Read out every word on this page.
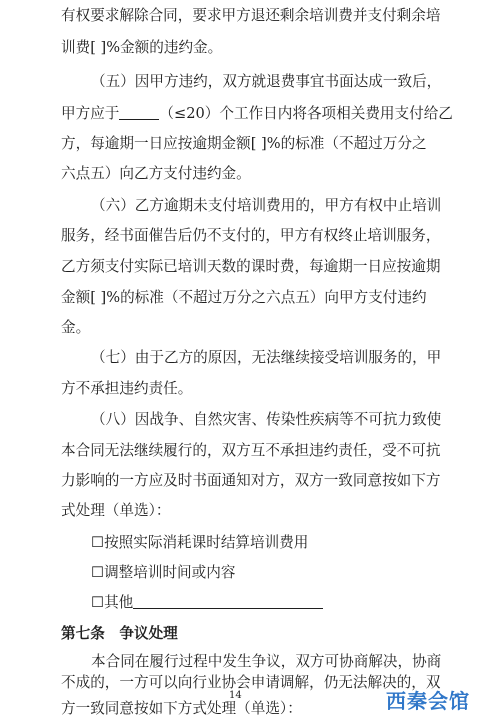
有权要求解除合同，要求甲方退还剩余培训费并支付剩余培
训费[ ]%金额的违约金。
（五）因甲方违约，双方就退费事宜书面达成一致后，
甲方应于	（≤20）个工作日内将各项相关费用支付给乙
方，每逾期一日应按逾期金额[ ]%的标准（不超过万分之
六点五）向乙方支付违约金。
（六）乙方逾期未支付培训费用的，甲方有权中止培训
服务，经书面催告后仍不支付的，甲方有权终止培训服务，
乙方须支付实际已培训天数的课时费，每逾期一日应按逾期
金额[ ]%的标准（不超过万分之六点五）向甲方支付违约
金。
（七）由于乙方的原因，无法继续接受培训服务的，甲
方不承担违约责任。
（八）因战争、自然灾害、传染性疾病等不可抗力致使
本合同无法继续履行的，双方互不承担违约责任，受不可抗
力影响的一方应及时书面通知对方，双方一致同意按如下方
式处理（单选）：
☐按照实际消耗课时结算培训费用
☐调整培训时间或内容
☐其他
第七条　争议处理
本合同在履行过程中发生争议，双方可协商解决，协商
不成的，一方可以向行业协会申请调解，仍无法解决的，双
方一致同意按如下方式处理（单选）：
14	西秦会馆
